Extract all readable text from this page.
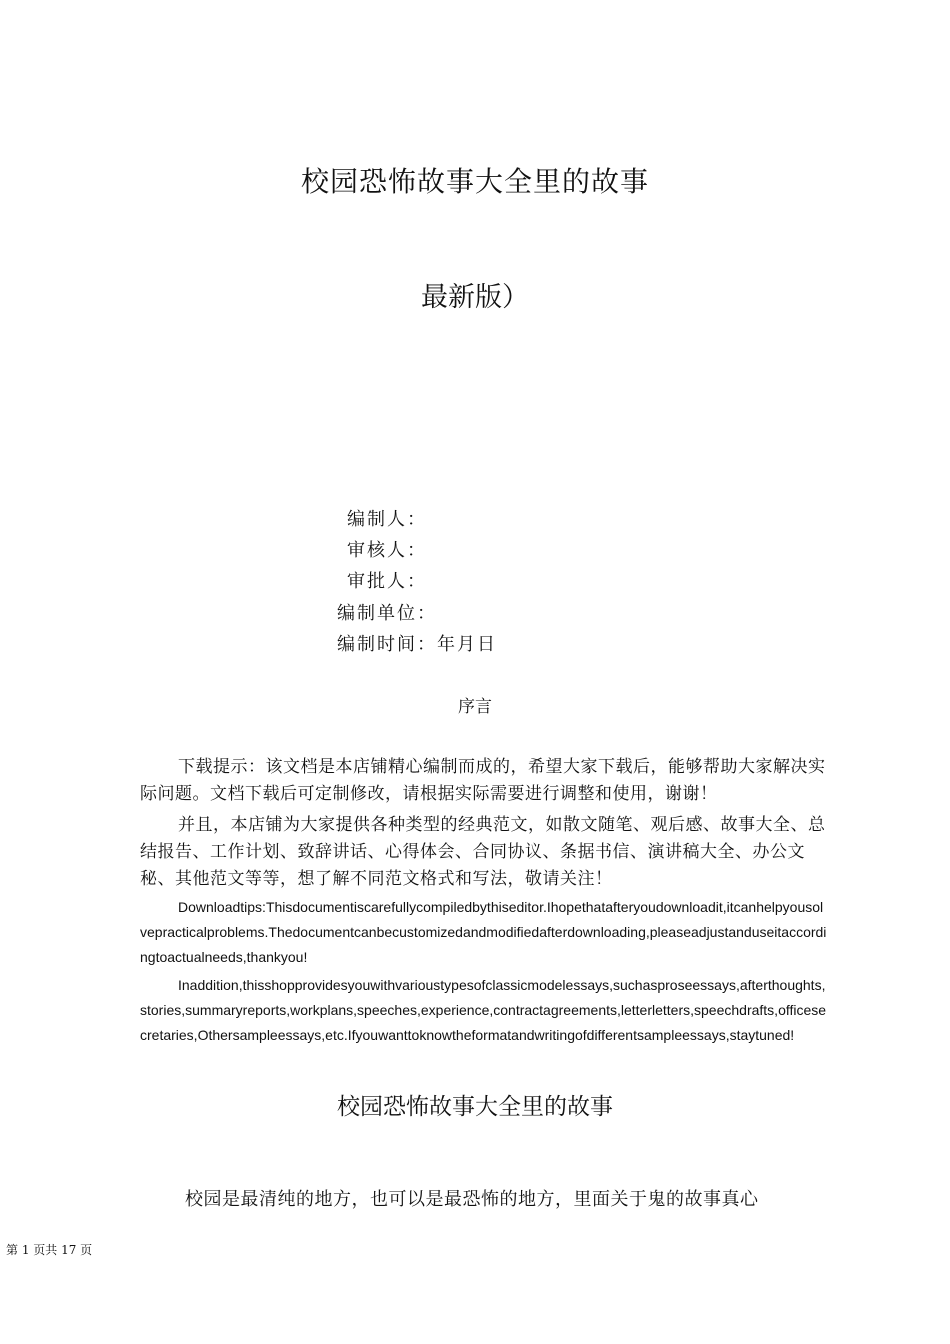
校园恐怖故事大全里的故事
最新版）
编制人：
审核人：
审批人：
编制单位：
编制时间：年月日
序言

下载提示：该文档是本店铺精心编制而成的，希望大家下载后，能够帮助大家解决实际问题。文档下载后可定制修改，请根据实际需要进行调整和使用，谢谢！

并且，本店铺为大家提供各种类型的经典范文，如散文随笔、观后感、故事大全、总结报告、工作计划、致辞讲话、心得体会、合同协议、条据书信、演讲稿大全、办公文秘、其他范文等等，想了解不同范文格式和写法，敬请关注！

Downloadtips:Thisdocumentiscarefullycompiledbythiseditor.Ihopethatafteryoudownloadit,itcanhelpyousolvepracticalproblems.Thedocumentcanbecustomizedandmodifiedafterdownloading,pleaseadjustanduseitaccordingtoactualneeds,thankyou!

Inaddition,thisshopprovidesyouwithvarioustypesofclassicmodelessays,suchasproseessays,afterthoughts,stories,summaryreports,workplans,speeches,experience,contractagreements,letterletters,speechdrafts,officesecretaries,Othersampleessays,etc.Ifyouwanttoknowtheformatandwritingofdifferentsampleessays,staytuned!

校园恐怖故事大全里的故事
校园是最清纯的地方，也可以是最恐怖的地方，里面关于鬼的故事真心
第 1 页共 17 页
